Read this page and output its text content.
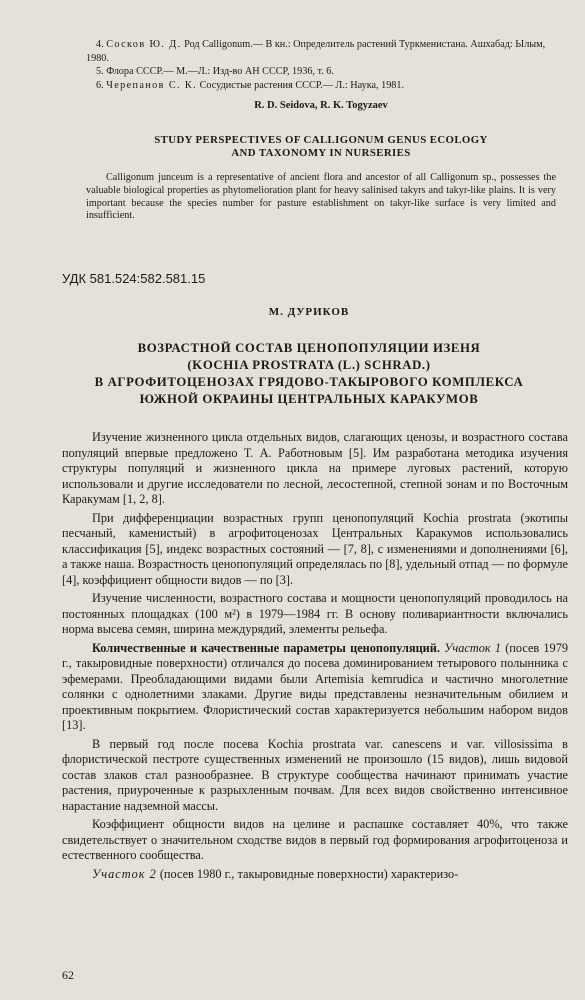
4. Сосков Ю. Д. Род Calligonum.— В кн.: Определитель растений Туркменистана. Ашхабад: Ылым, 1980.

5. Флора СССР.— М.—Л.: Изд-во АН СССР, 1936, т. 6.

6. Черепанов С. К. Сосудистые растения СССР.— Л.: Наука, 1981.

R. D. Seidova, R. K. Togyzaev
STUDY PERSPECTIVES OF CALLIGONUM GENUS ECOLOGY
AND TAXONOMY IN NURSERIES

Calligonum junceum is a representative of ancient flora and ancestor of all Calligonum sp., possesses the valuable biological properties as phytomelioration plant for heavy salinised takyrs and takyr-like plains. It is very important because the species number for pasture establishment on takyr-like surface is very limited and insufficient.

УДК 581.524:582.581.15
М. ДУРИКОВ
ВОЗРАСТНОЙ СОСТАВ ЦЕНОПОПУЛЯЦИИ ИЗЕНЯ
(KOCHIA PROSTRATA (L.) SCHRAD.)
В АГРОФИТОЦЕНОЗАХ ГРЯДОВО-ТАКЫРОВОГО КОМПЛЕКСА
ЮЖНОЙ ОКРАИНЫ ЦЕНТРАЛЬНЫХ КАРАКУМОВ

Изучение жизненного цикла отдельных видов, слагающих ценозы, и возрастного состава популяций впервые предложено Т. А. Работновым [5]. Им разработана методика изучения структуры популяций и жизненного цикла на примере луговых растений, которую использовали и другие исследователи по лесной, лесостепной, степной зонам и по Восточным Каракумам [1, 2, 8].

При дифференциации возрастных групп ценопопуляций Kochia prostrata (экотипы песчаный, каменистый) в агрофитоценозах Центральных Каракумов использовались классификация [5], индекс возрастных состояний — [7, 8], с изменениями и дополнениями [6], а также наша. Возрастность ценопопуляций определялась по [8], удельный отпад — по формуле [4], коэффициент общности видов — по [3].

Изучение численности, возрастного состава и мощности ценопопуляций проводилось на постоянных площадках (100 м²) в 1979—1984 гг. В основу поливариантности включались норма высева семян, ширина междурядий, элементы рельефа.

Количественные и качественные параметры ценопопуляций. Участок 1 (посев 1979 г., такыровидные поверхности) отличался до посева доминированием тетырового полынника с эфемерами. Преобладающими видами были Artemisia kemrudica и частично многолетние солянки с однолетними злаками. Другие виды представлены незначительным обилием и проективным покрытием. Флористический состав характеризуется небольшим набором видов [13].

В первый год после посева Kochia prostrata var. canescens и var. villosissima в флористической пестроте существенных изменений не произошло (15 видов), лишь видовой состав злаков стал разнообразнее. В структуре сообщества начинают принимать участие растения, приуроченные к разрыхленным почвам. Для всех видов свойственно интенсивное нарастание надземной массы.

Коэффициент общности видов на целине и распашке составляет 40%, что также свидетельствует о значительном сходстве видов в первый год формирования агрофитоценоза и естественного сообщества.

Участок 2 (посев 1980 г., такыровидные поверхности) характеризо-

62
